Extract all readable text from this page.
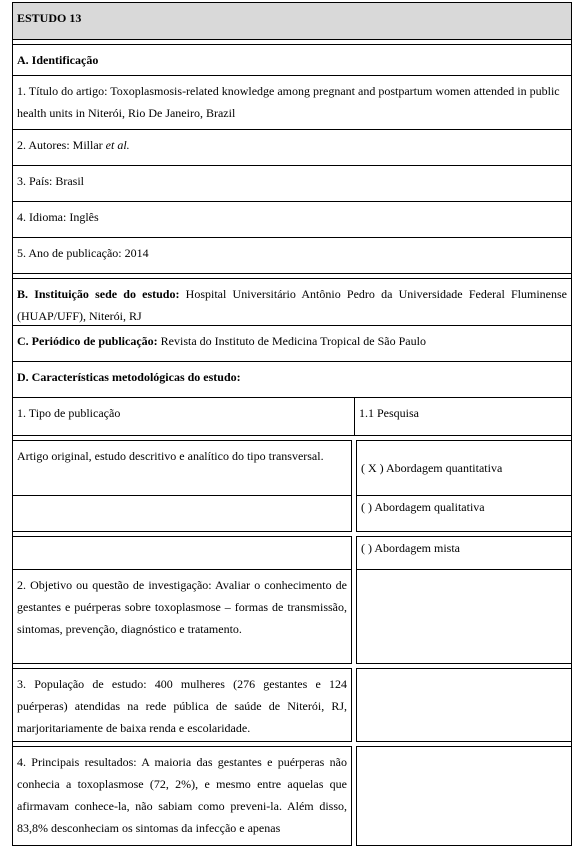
ESTUDO 13
A. Identificação
1. Título do artigo: Toxoplasmosis-related knowledge among pregnant and postpartum women attended in public health units in Niterói, Rio De Janeiro, Brazil
2. Autores: Millar et al.
3. País: Brasil
4. Idioma: Inglês
5. Ano de publicação: 2014
B. Instituição sede do estudo: Hospital Universitário Antônio Pedro da Universidade Federal Fluminense (HUAP/UFF), Niterói, RJ
C. Periódico de publicação: Revista do Instituto de Medicina Tropical de São Paulo
D. Características metodológicas do estudo:
1. Tipo de publicação	1.1 Pesquisa
Artigo original, estudo descritivo e analítico do tipo transversal.
( X ) Abordagem quantitativa
( ) Abordagem qualitativa
( ) Abordagem mista
2. Objetivo ou questão de investigação: Avaliar o conhecimento de gestantes e puérperas sobre toxoplasmose – formas de transmissão, sintomas, prevenção, diagnóstico e tratamento.
3. População de estudo: 400 mulheres (276 gestantes e 124 puérperas) atendidas na rede pública de saúde de Niterói, RJ, marjoritariamente de baixa renda e escolaridade.
4. Principais resultados: A maioria das gestantes e puérperas não conhecia a toxoplasmose (72, 2%), e mesmo entre aquelas que afirmavam conhece-la, não sabiam como preveni-la. Além disso, 83,8% desconheciam os sintomas da infecção e apenas
